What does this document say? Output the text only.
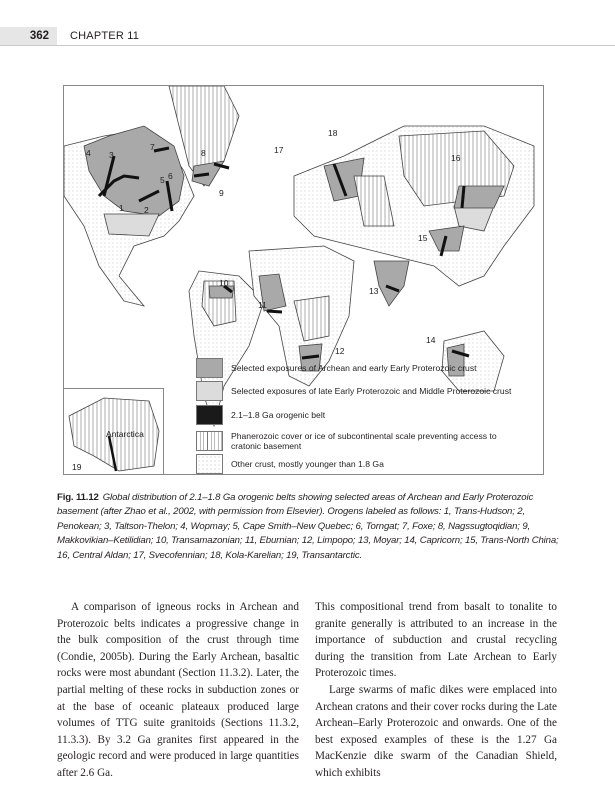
362	CHAPTER 11
1 2
3
4
5 6
7
8
9
10
11
12
13
14
15
16
17
18
19
Antarctica
Selected exposures of Archean and early Early Proterozoic crust
Selected exposures of late Early Proterozoic and Middle Proterozoic crust
2.1–1.8 Ga orogenic belt
Phanerozoic cover or ice of subcontinental scale preventing access to cratonic basement
Other crust, mostly younger than 1.8 Ga
Fig. 11.12 Global distribution of 2.1–1.8 Ga orogenic belts showing selected areas of Archean and Early Proterozoic basement (after Zhao et al., 2002, with permission from Elsevier). Orogens labeled as follows: 1, Trans-Hudson; 2, Penokean; 3, Taltson-Thelon; 4, Wopmay; 5, Cape Smith–New Quebec; 6, Torngat; 7, Foxe; 8, Nagssugtoqidian; 9, Makkovikian–Ketilidian; 10, Transamazonian; 11, Eburnian; 12, Limpopo; 13, Moyar; 14, Capricorn; 15, Trans-North China; 16, Central Aldan; 17, Svecofennian; 18, Kola-Karelian; 19, Transantarctic.

A comparison of igneous rocks in Archean and Proterozoic belts indicates a progressive change in the bulk composition of the crust through time (Condie, 2005b). During the Early Archean, basaltic rocks were most abundant (Section 11.3.2). Later, the partial melting of these rocks in subduction zones or at the base of oceanic plateaux produced large volumes of TTG suite granitoids (Sections 11.3.2, 11.3.3). By 3.2 Ga granites first appeared in the geologic record and were produced in large quantities after 2.6 Ga.

This compositional trend from basalt to tonalite to granite generally is attributed to an increase in the importance of subduction and crustal recycling during the transition from Late Archean to Early Proterozoic times.

Large swarms of mafic dikes were emplaced into Archean cratons and their cover rocks during the Late Archean–Early Proterozoic and onwards. One of the best exposed examples of these is the 1.27 Ga MacKenzie dike swarm of the Canadian Shield, which exhibits
